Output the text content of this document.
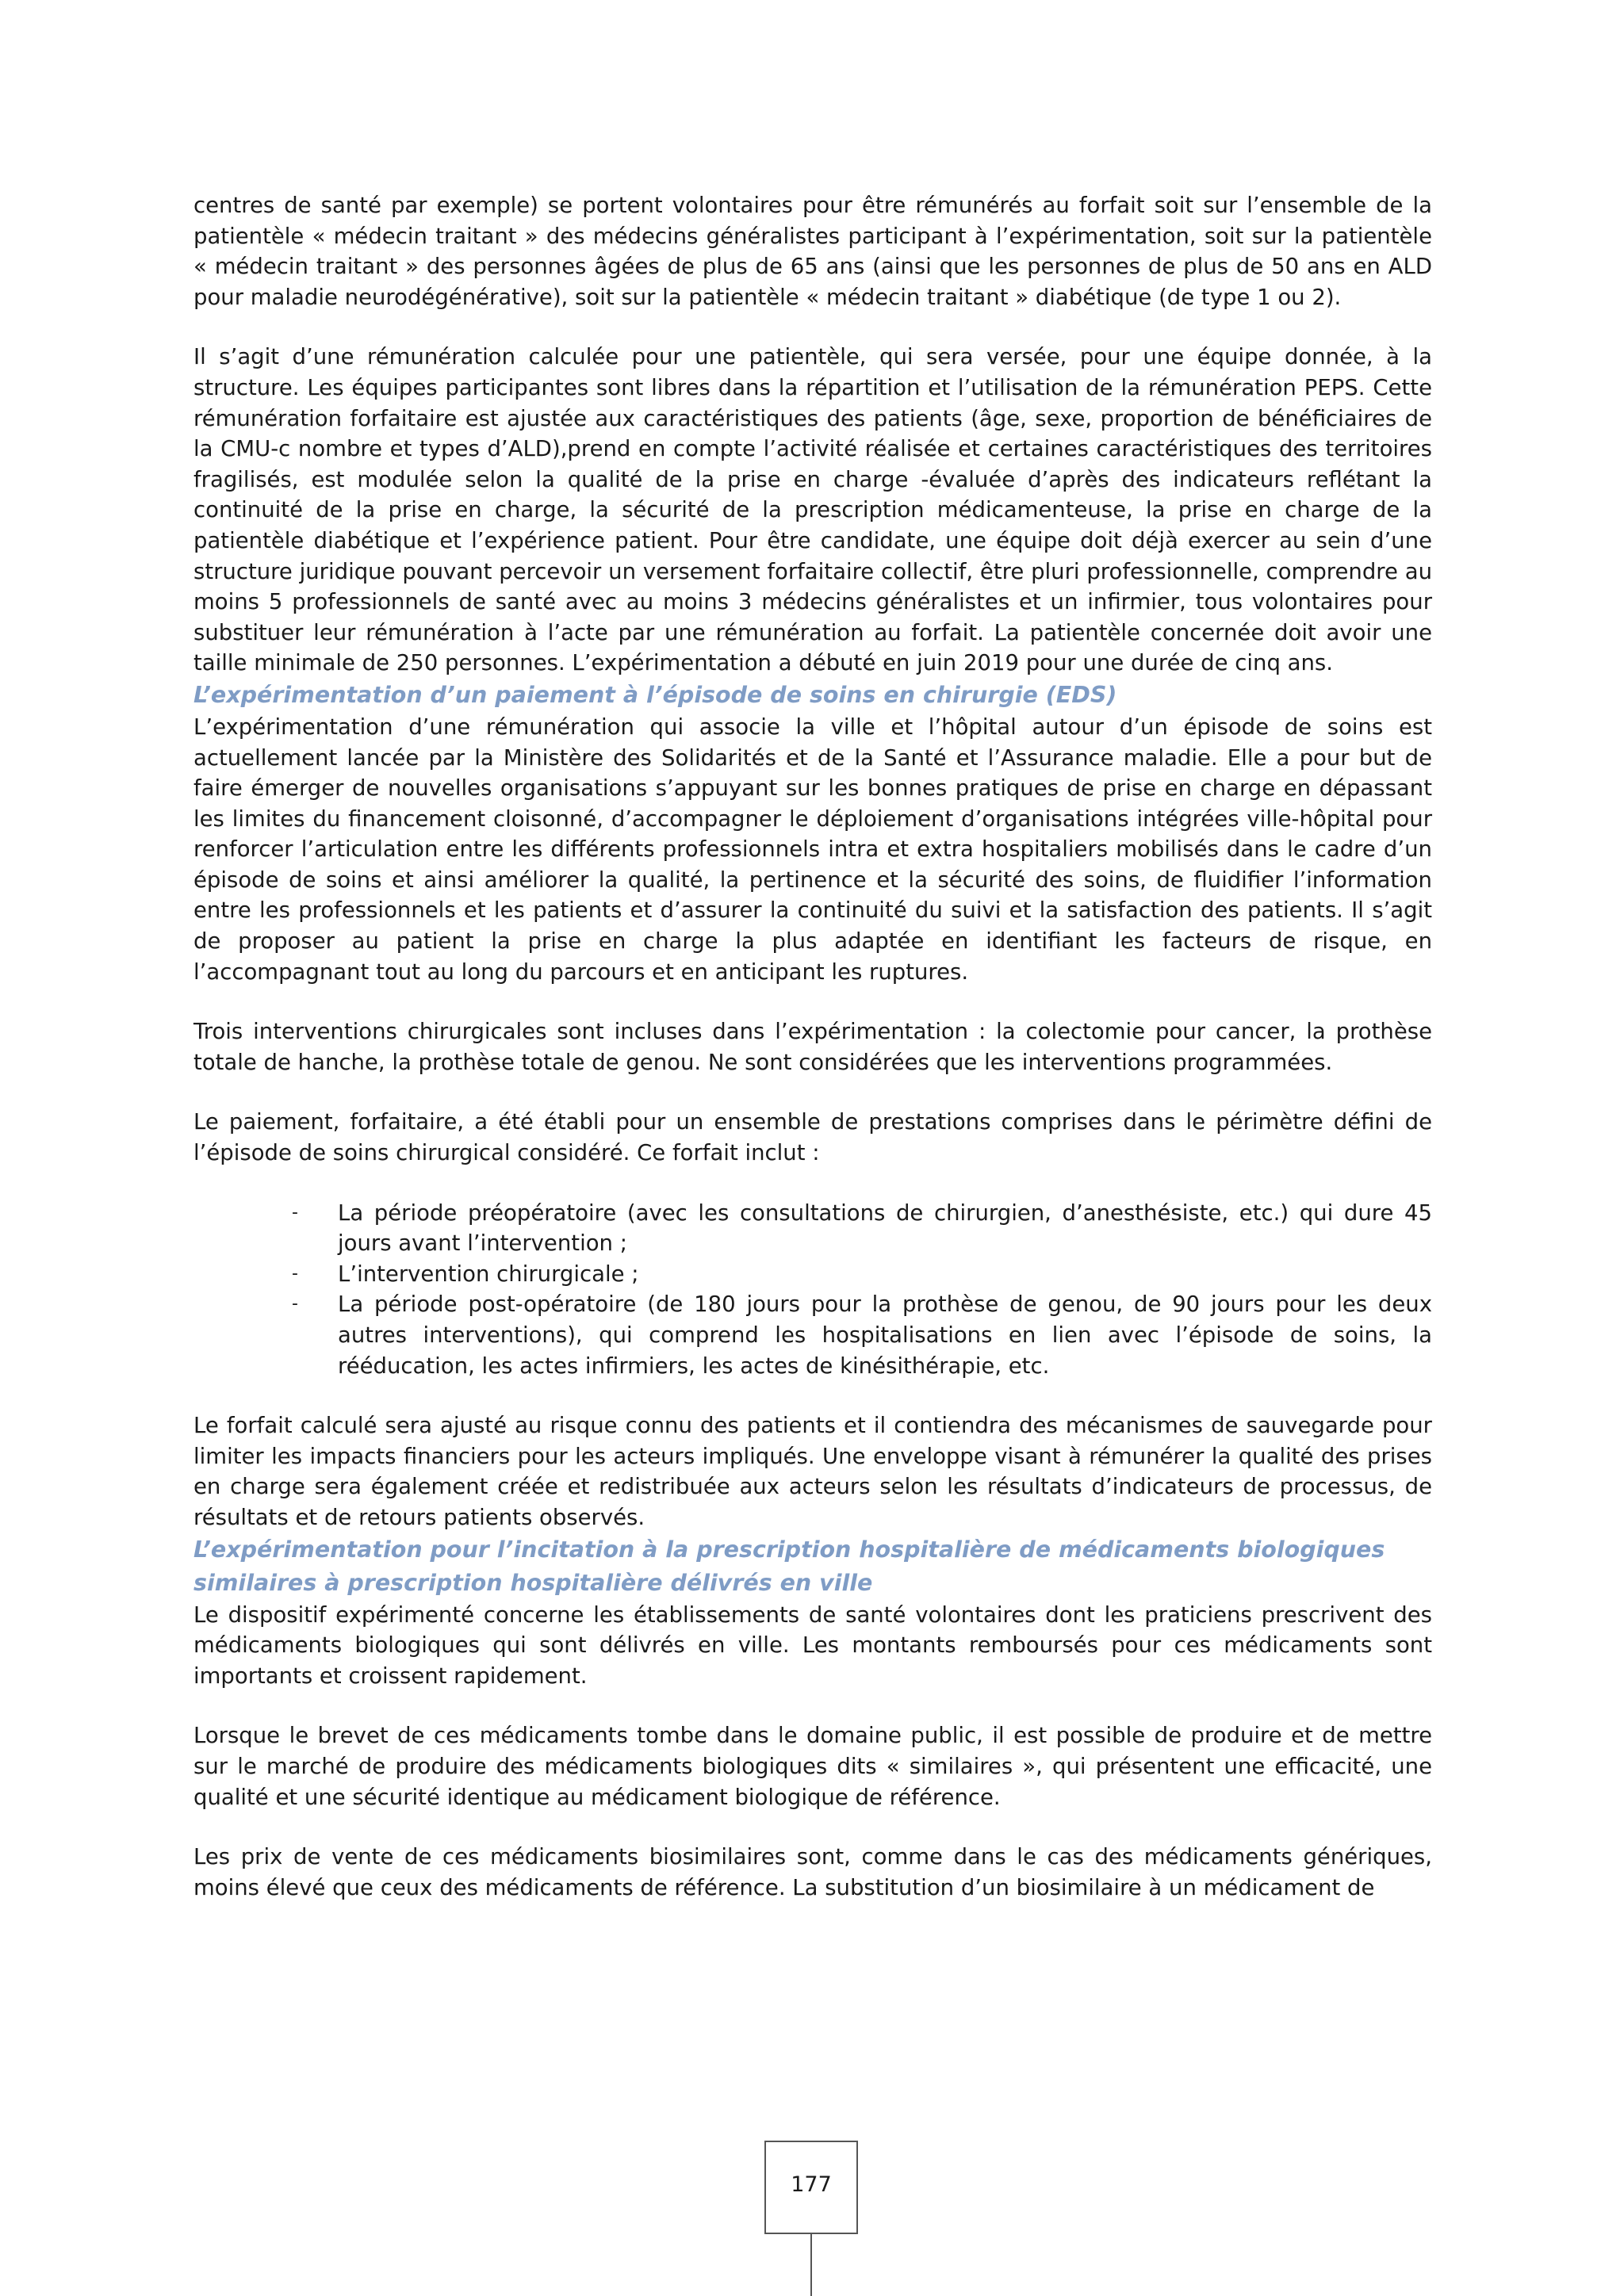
centres de santé par exemple) se portent volontaires pour être rémunérés au forfait soit sur l’ensemble de la patientèle « médecin traitant » des médecins généralistes participant à l’expérimentation, soit sur la patientèle « médecin traitant » des personnes âgées de plus de 65 ans (ainsi que les personnes de plus de 50 ans en ALD pour maladie neurodégénérative), soit sur la patientèle « médecin traitant » diabétique (de type 1 ou 2).

Il s’agit d’une rémunération calculée pour une patientèle, qui sera versée, pour une équipe donnée, à la structure. Les équipes participantes sont libres dans la répartition et l’utilisation de la rémunération PEPS. Cette rémunération forfaitaire est ajustée aux caractéristiques des patients (âge, sexe, proportion de bénéficiaires de la CMU-c nombre et types d’ALD),prend en compte l’activité réalisée et certaines caractéristiques des territoires fragilisés, est modulée selon la qualité de la prise en charge -évaluée d’après des indicateurs reflétant la continuité de la prise en charge, la sécurité de la prescription médicamenteuse, la prise en charge de la patientèle diabétique et l’expérience patient. Pour être candidate, une équipe doit déjà exercer au sein d’une structure juridique pouvant percevoir un versement forfaitaire collectif, être pluri professionnelle, comprendre au moins 5 professionnels de santé avec au moins 3 médecins généralistes et un infirmier, tous volontaires pour substituer leur rémunération à l’acte par une rémunération au forfait. La patientèle concernée doit avoir une taille minimale de 250 personnes. L’expérimentation a débuté en juin 2019 pour une durée de cinq ans.

L’expérimentation d’un paiement à l’épisode de soins en chirurgie (EDS)

L’expérimentation d’une rémunération qui associe la ville et l’hôpital autour d’un épisode de soins est actuellement lancée par la Ministère des Solidarités et de la Santé et l’Assurance maladie. Elle a pour but de faire émerger de nouvelles organisations s’appuyant sur les bonnes pratiques de prise en charge en dépassant les limites du financement cloisonné, d’accompagner le déploiement d’organisations intégrées ville-hôpital pour renforcer l’articulation entre les différents professionnels intra et extra hospitaliers mobilisés dans le cadre d’un épisode de soins et ainsi améliorer la qualité, la pertinence et la sécurité des soins, de fluidifier l’information entre les professionnels et les patients et d’assurer la continuité du suivi et la satisfaction des patients. Il s’agit de proposer au patient la prise en charge la plus adaptée en identifiant les facteurs de risque, en l’accompagnant tout au long du parcours et en anticipant les ruptures.

Trois interventions chirurgicales sont incluses dans l’expérimentation : la colectomie pour cancer, la prothèse totale de hanche, la prothèse totale de genou. Ne sont considérées que les interventions programmées.

Le paiement, forfaitaire, a été établi pour un ensemble de prestations comprises dans le périmètre défini de l’épisode de soins chirurgical considéré. Ce forfait inclut :

- La période préopératoire (avec les consultations de chirurgien, d’anesthésiste, etc.) qui dure 45 jours avant l’intervention ;
- L’intervention chirurgicale ;
- La période post-opératoire (de 180 jours pour la prothèse de genou, de 90 jours pour les deux autres interventions), qui comprend les hospitalisations en lien avec l’épisode de soins, la rééducation, les actes infirmiers, les actes de kinésithérapie, etc.

Le forfait calculé sera ajusté au risque connu des patients et il contiendra des mécanismes de sauvegarde pour limiter les impacts financiers pour les acteurs impliqués. Une enveloppe visant à rémunérer la qualité des prises en charge sera également créée et redistribuée aux acteurs selon les résultats d’indicateurs de processus, de résultats et de retours patients observés.

L’expérimentation pour l’incitation à la prescription hospitalière de médicaments biologiques similaires à prescription hospitalière délivrés en ville

Le dispositif expérimenté concerne les établissements de santé volontaires dont les praticiens prescrivent des médicaments biologiques qui sont délivrés en ville. Les montants remboursés pour ces médicaments sont importants et croissent rapidement.

Lorsque le brevet de ces médicaments tombe dans le domaine public, il est possible de produire et de mettre sur le marché de produire des médicaments biologiques dits « similaires », qui présentent une efficacité, une qualité et une sécurité identique au médicament biologique de référence.

Les prix de vente de ces médicaments biosimilaires sont, comme dans le cas des médicaments génériques, moins élevé que ceux des médicaments de référence. La substitution d’un biosimilaire à un médicament de

177
